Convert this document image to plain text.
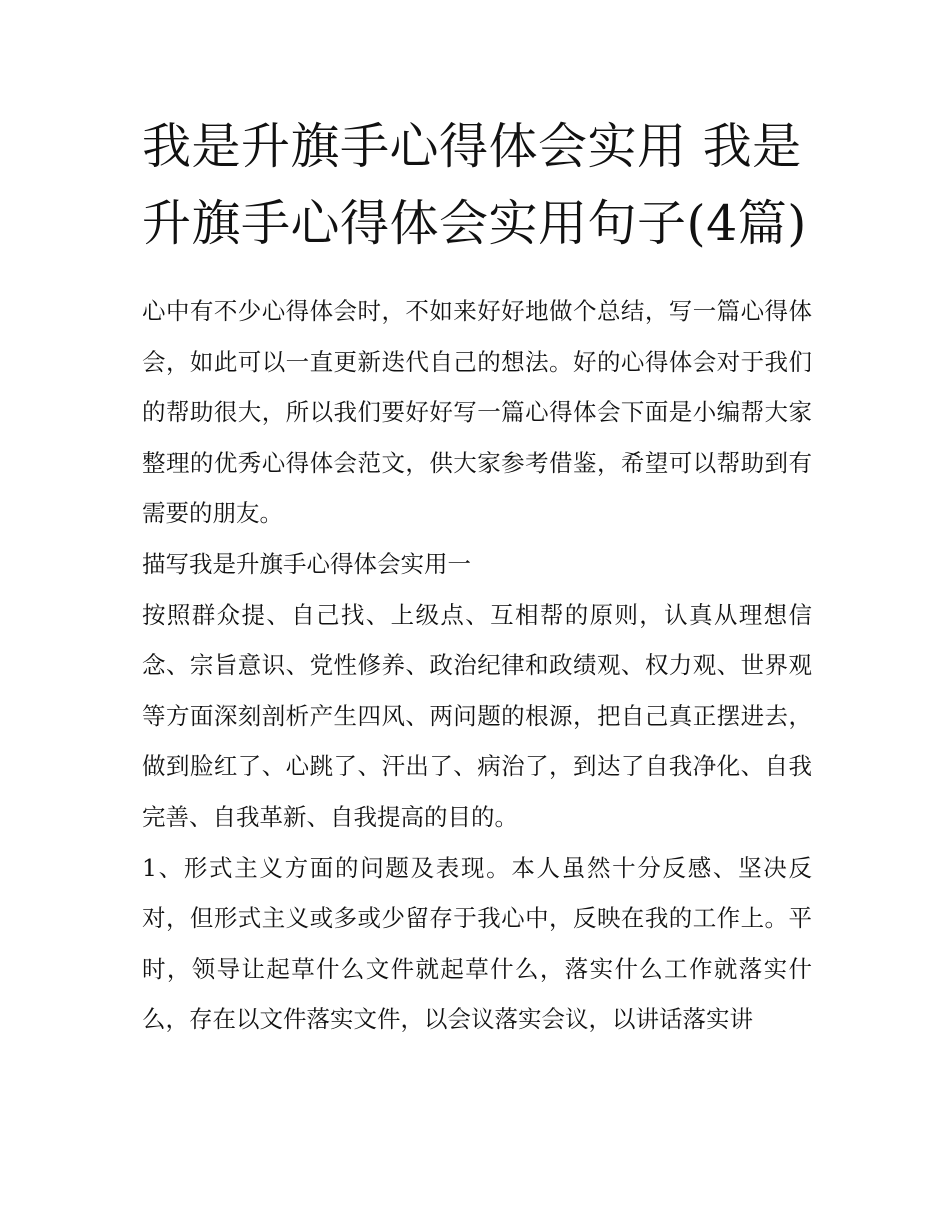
我是升旗手心得体会实用 我是升旗手心得体会实用句子(4篇)

心中有不少心得体会时，不如来好好地做个总结，写一篇心得体会，如此可以一直更新迭代自己的想法。好的心得体会对于我们的帮助很大，所以我们要好好写一篇心得体会下面是小编帮大家整理的优秀心得体会范文，供大家参考借鉴，希望可以帮助到有需要的朋友。

描写我是升旗手心得体会实用一

按照群众提、自己找、上级点、互相帮的原则，认真从理想信念、宗旨意识、党性修养、政治纪律和政绩观、权力观、世界观等方面深刻剖析产生四风、两问题的根源，把自己真正摆进去，做到脸红了、心跳了、汗出了、病治了，到达了自我净化、自我完善、自我革新、自我提高的目的。

1、形式主义方面的问题及表现。本人虽然十分反感、坚决反对，但形式主义或多或少留存于我心中，反映在我的工作上。平时，领导让起草什么文件就起草什么，落实什么工作就落实什么，存在以文件落实文件，以会议落实会议，以讲话落实讲
